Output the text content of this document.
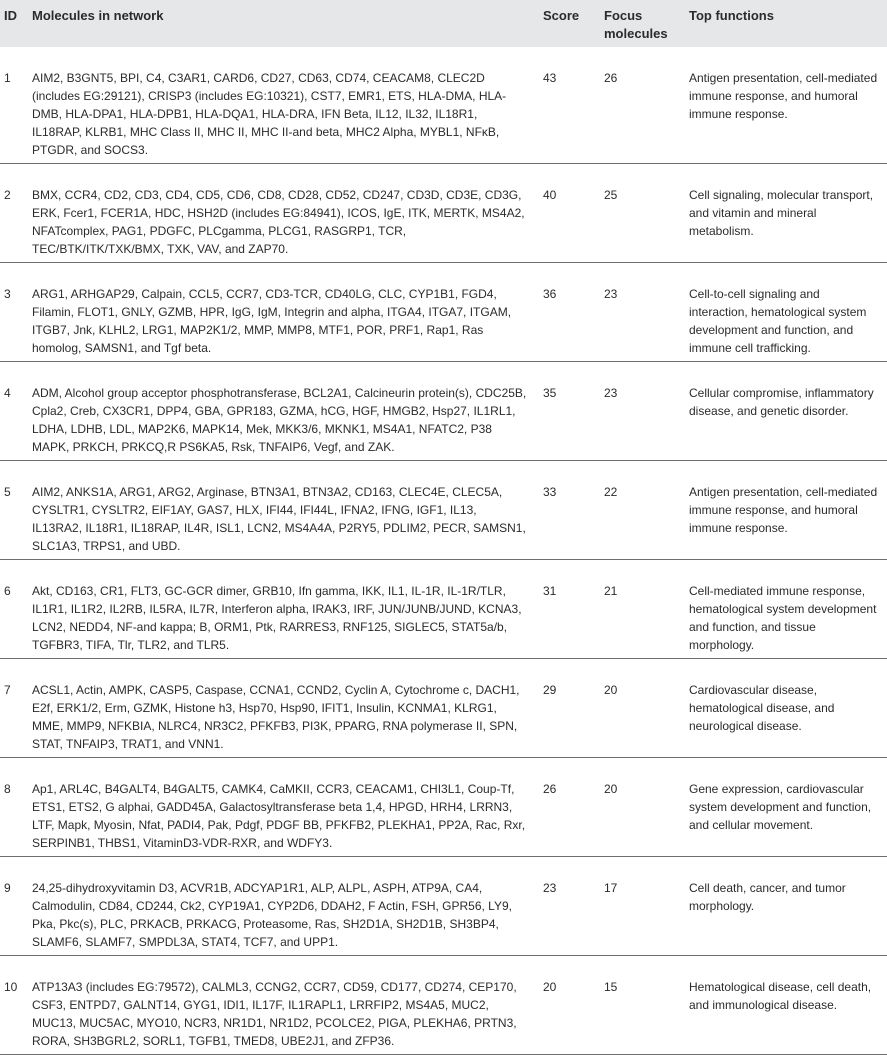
ID	Molecules in network	Score	Focus molecules	Top functions
1	AIM2, B3GNT5, BPI, C4, C3AR1, CARD6, CD27, CD63, CD74, CEACAM8, CLEC2D (includes EG:29121), CRISP3 (includes EG:10321), CST7, EMR1, ETS, HLA-DMA, HLA-DMB, HLA-DPA1, HLA-DPB1, HLA-DQA1, HLA-DRA, IFN Beta, IL12, IL32, IL18R1, IL18RAP, KLRB1, MHC Class II, MHC II, MHC II-and beta, MHC2 Alpha, MYBL1, NFκB, PTGDR, and SOCS3.	43	26	Antigen presentation, cell-mediated immune response, and humoral immune response.
2	BMX, CCR4, CD2, CD3, CD4, CD5, CD6, CD8, CD28, CD52, CD247, CD3D, CD3E, CD3G, ERK, Fcer1, FCER1A, HDC, HSH2D (includes EG:84941), ICOS, IgE, ITK, MERTK, MS4A2, NFATcomplex, PAG1, PDGFC, PLCgamma, PLCG1, RASGRP1, TCR, TEC/BTK/ITK/TXK/BMX, TXK, VAV, and ZAP70.	40	25	Cell signaling, molecular transport, and vitamin and mineral metabolism.
3	ARG1, ARHGAP29, Calpain, CCL5, CCR7, CD3-TCR, CD40LG, CLC, CYP1B1, FGD4, Filamin, FLOT1, GNLY, GZMB, HPR, IgG, IgM, Integrin and alpha, ITGA4, ITGA7, ITGAM, ITGB7, Jnk, KLHL2, LRG1, MAP2K1/2, MMP, MMP8, MTF1, POR, PRF1, Rap1, Ras homolog, SAMSN1, and Tgf beta.	36	23	Cell-to-cell signaling and interaction, hematological system development and function, and immune cell trafficking.
4	ADM, Alcohol group acceptor phosphotransferase, BCL2A1, Calcineurin protein(s), CDC25B, Cpla2, Creb, CX3CR1, DPP4, GBA, GPR183, GZMA, hCG, HGF, HMGB2, Hsp27, IL1RL1, LDHA, LDHB, LDL, MAP2K6, MAPK14, Mek, MKK3/6, MKNK1, MS4A1, NFATC2, P38 MAPK, PRKCH, PRKCQ,R PS6KA5, Rsk, TNFAIP6, Vegf, and ZAK.	35	23	Cellular compromise, inflammatory disease, and genetic disorder.
5	AIM2, ANKS1A, ARG1, ARG2, Arginase, BTN3A1, BTN3A2, CD163, CLEC4E, CLEC5A, CYSLTR1, CYSLTR2, EIF1AY, GAS7, HLX, IFI44, IFI44L, IFNA2, IFNG, IGF1, IL13, IL13RA2, IL18R1, IL18RAP, IL4R, ISL1, LCN2, MS4A4A, P2RY5, PDLIM2, PECR, SAMSN1, SLC1A3, TRPS1, and UBD.	33	22	Antigen presentation, cell-mediated immune response, and humoral immune response.
6	Akt, CD163, CR1, FLT3, GC-GCR dimer, GRB10, Ifn gamma, IKK, IL1, IL-1R, IL-1R/TLR, IL1R1, IL1R2, IL2RB, IL5RA, IL7R, Interferon alpha, IRAK3, IRF, JUN/JUNB/JUND, KCNA3, LCN2, NEDD4, NF-and kappa; B, ORM1, Ptk, RARRES3, RNF125, SIGLEC5, STAT5a/b, TGFBR3, TIFA, Tlr, TLR2, and TLR5.	31	21	Cell-mediated immune response, hematological system development and function, and tissue morphology.
7	ACSL1, Actin, AMPK, CASP5, Caspase, CCNA1, CCND2, Cyclin A, Cytochrome c, DACH1, E2f, ERK1/2, Erm, GZMK, Histone h3, Hsp70, Hsp90, IFIT1, Insulin, KCNMA1, KLRG1, MME, MMP9, NFKBIA, NLRC4, NR3C2, PFKFB3, PI3K, PPARG, RNA polymerase II, SPN, STAT, TNFAIP3, TRAT1, and VNN1.	29	20	Cardiovascular disease, hematological disease, and neurological disease.
8	Ap1, ARL4C, B4GALT4, B4GALT5, CAMK4, CaMKII, CCR3, CEACAM1, CHI3L1, Coup-Tf, ETS1, ETS2, G alphai, GADD45A, Galactosyltransferase beta 1,4, HPGD, HRH4, LRRN3, LTF, Mapk, Myosin, Nfat, PADI4, Pak, Pdgf, PDGF BB, PFKFB2, PLEKHA1, PP2A, Rac, Rxr, SERPINB1, THBS1, VitaminD3-VDR-RXR, and WDFY3.	26	20	Gene expression, cardiovascular system development and function, and cellular movement.
9	24,25-dihydroxyvitamin D3, ACVR1B, ADCYAP1R1, ALP, ALPL, ASPH, ATP9A, CA4, Calmodulin, CD84, CD244, Ck2, CYP19A1, CYP2D6, DDAH2, F Actin, FSH, GPR56, LY9, Pka, Pkc(s), PLC, PRKACB, PRKACG, Proteasome, Ras, SH2D1A, SH2D1B, SH3BP4, SLAMF6, SLAMF7, SMPDL3A, STAT4, TCF7, and UPP1.	23	17	Cell death, cancer, and tumor morphology.
10	ATP13A3 (includes EG:79572), CALML3, CCNG2, CCR7, CD59, CD177, CD274, CEP170, CSF3, ENTPD7, GALNT14, GYG1, IDI1, IL17F, IL1RAPL1, LRRFIP2, MS4A5, MUC2, MUC13, MUC5AC, MYO10, NCR3, NR1D1, NR1D2, PCOLCE2, PIGA, PLEKHA6, PRTN3, RORA, SH3BGRL2, SORL1, TGFB1, TMED8, UBE2J1, and ZFP36.	20	15	Hematological disease, cell death, and immunological disease.
